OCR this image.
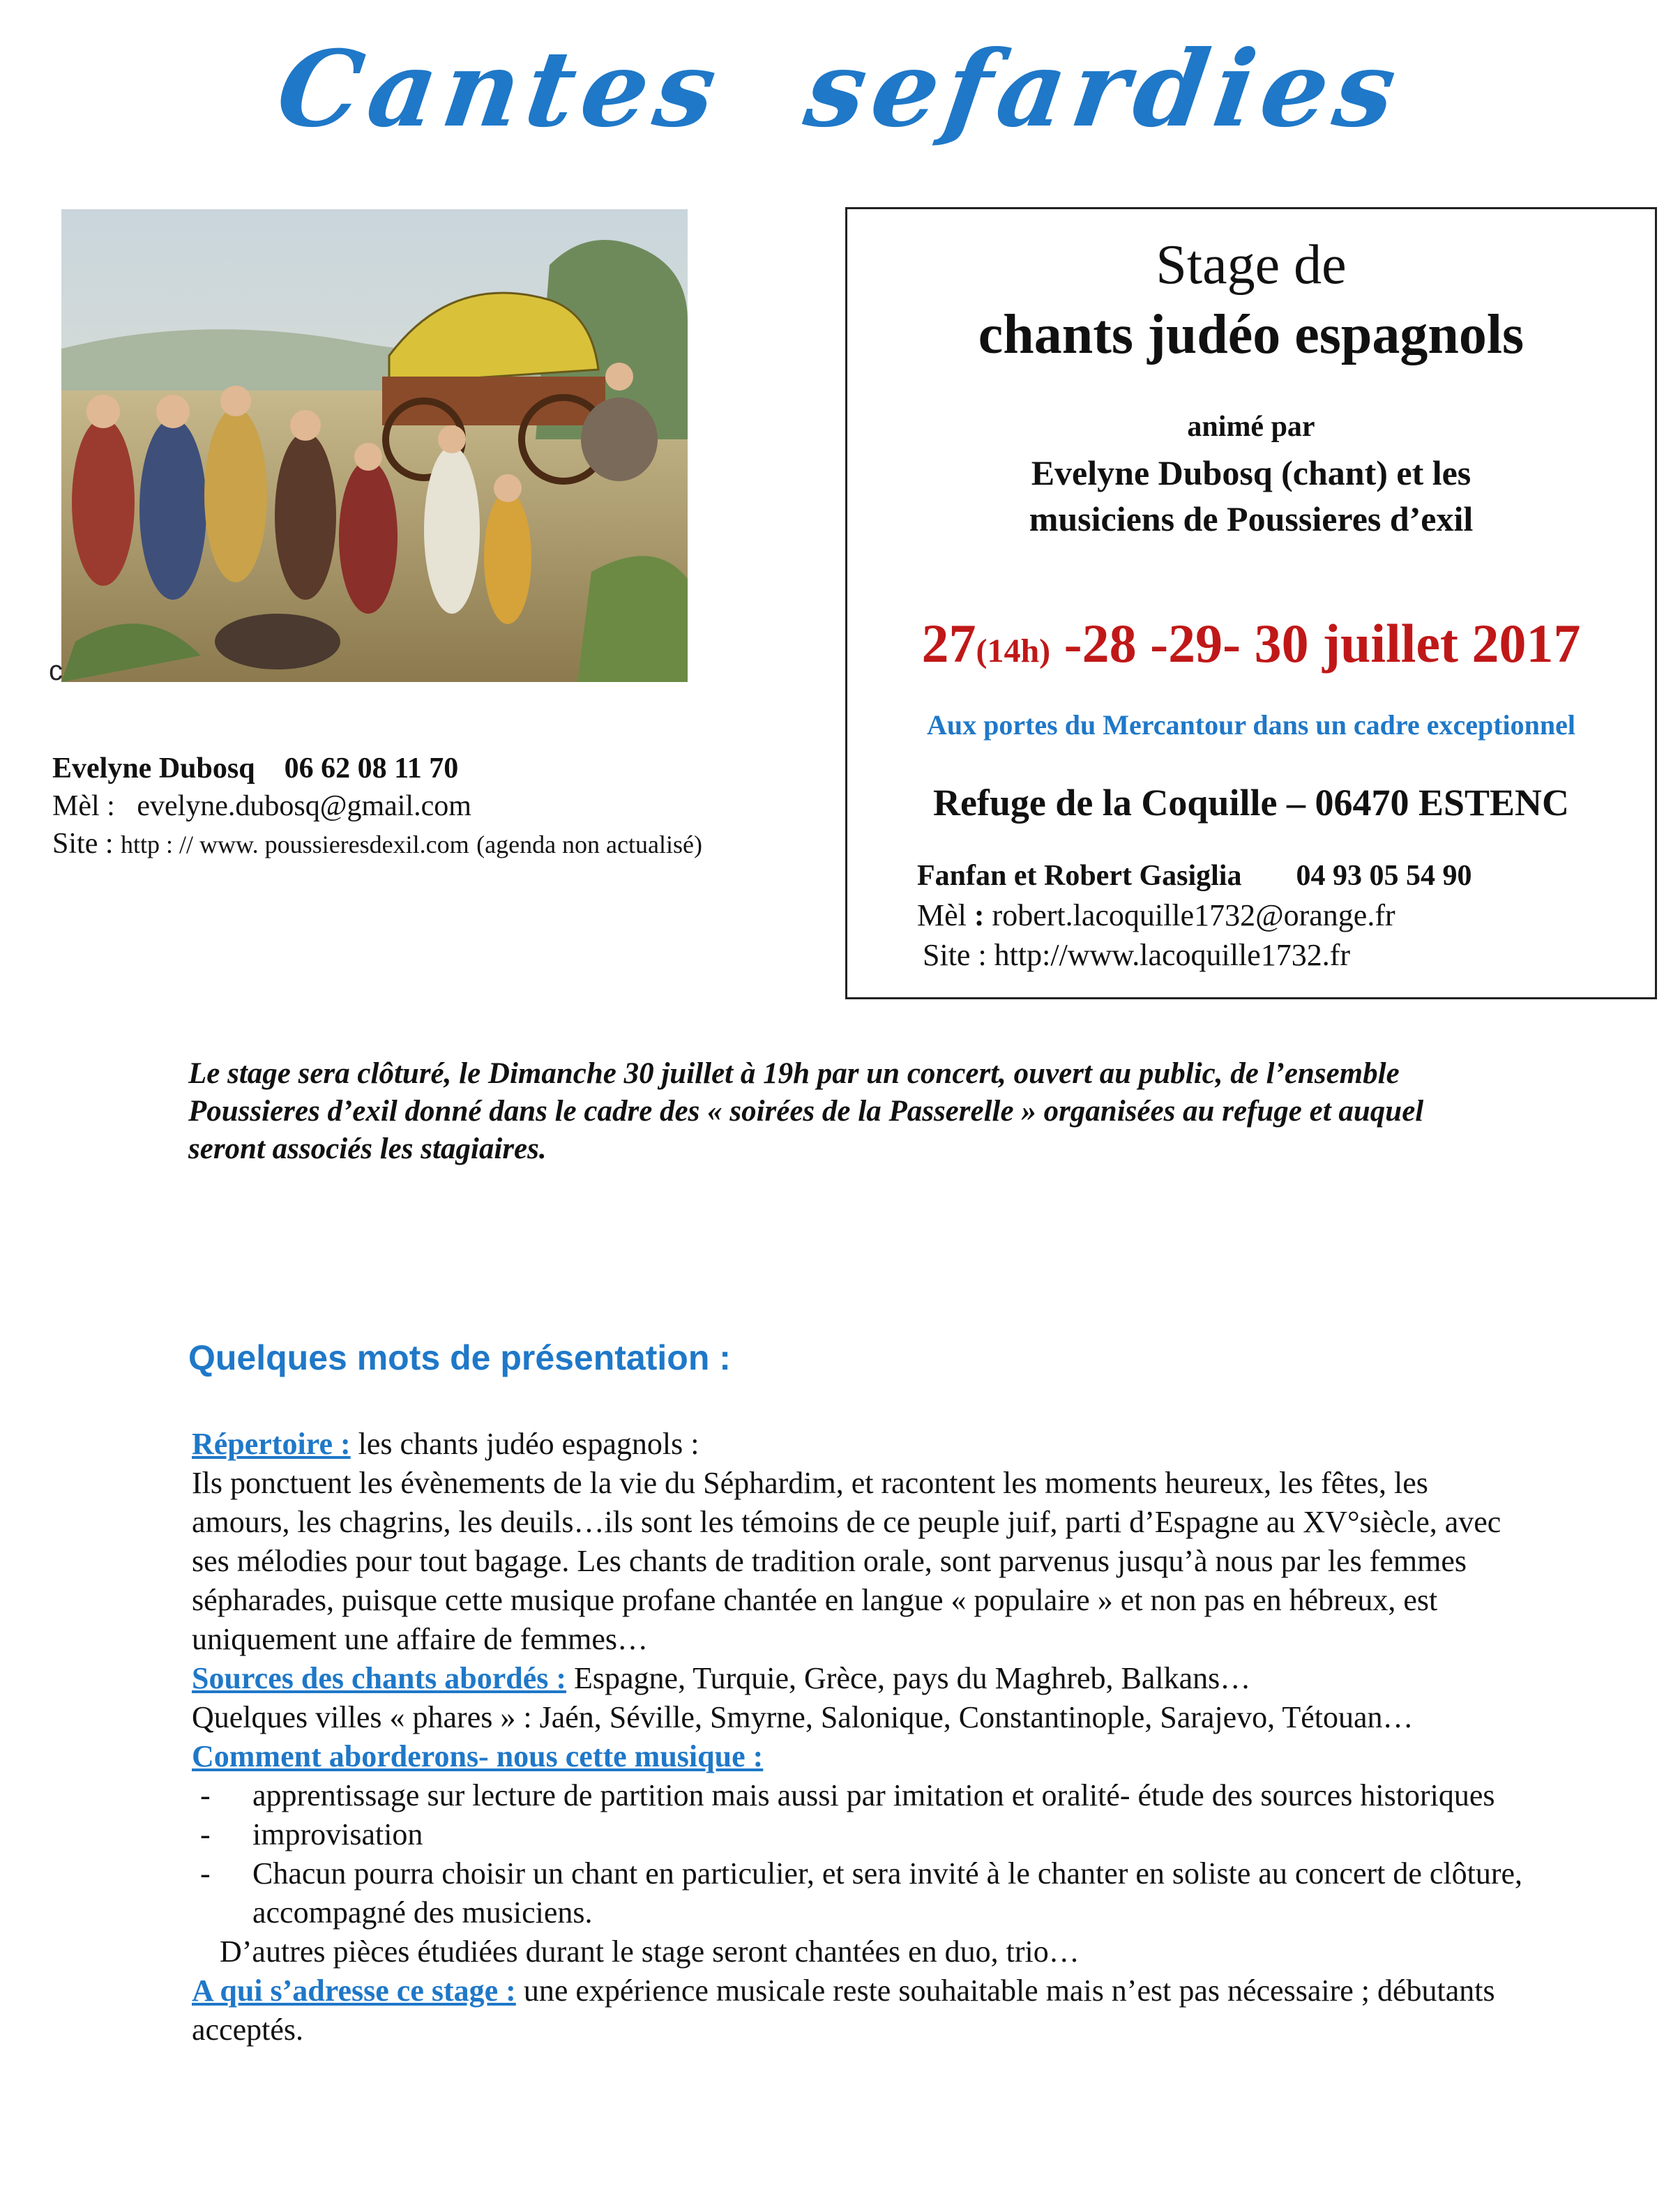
Cantes sefardies
c
Evelyne Dubosq 06 62 08 11 70
Mèl : evelyne.dubosq@gmail.com
Site : http : // www. poussieresdexil.com (agenda non actualisé)
Stage de
chants judéo espagnols
animé par
Evelyne Dubosq (chant) et les
musiciens de Poussieres d’exil
27(14h) -28 -29- 30 juillet 2017
Aux portes du Mercantour dans un cadre exceptionnel
Refuge de la Coquille – 06470 ESTENC
Fanfan et Robert Gasiglia 04 93 05 54 90
Mèl : robert.lacoquille1732@orange.fr
Site : http://www.lacoquille1732.fr
Le stage sera clôturé, le Dimanche 30 juillet à 19h par un concert, ouvert au public, de l’ensemble Poussieres d’exil donné dans le cadre des « soirées de la Passerelle » organisées au refuge et auquel seront associés les stagiaires.
Quelques mots de présentation :

Répertoire : les chants judéo espagnols :

Ils ponctuent les évènements de la vie du Séphardim, et racontent les moments heureux, les fêtes, les amours, les chagrins, les deuils…ils sont les témoins de ce peuple juif, parti d’Espagne au XV°siècle, avec ses mélodies pour tout bagage. Les chants de tradition orale, sont parvenus jusqu’à nous par les femmes sépharades, puisque cette musique profane chantée en langue « populaire » et non pas en hébreux, est uniquement une affaire de femmes…

Sources des chants abordés : Espagne, Turquie, Grèce, pays du Maghreb, Balkans…

Quelques villes « phares » : Jaén, Séville, Smyrne, Salonique, Constantinople, Sarajevo, Tétouan…

Comment aborderons- nous cette musique :

- apprentissage sur lecture de partition mais aussi par imitation et oralité- étude des sources historiques

- improvisation

- Chacun pourra choisir un chant en particulier, et sera invité à le chanter en soliste au concert de clôture, accompagné des musiciens.

D’autres pièces étudiées durant le stage seront chantées en duo, trio…

A qui s’adresse ce stage : une expérience musicale reste souhaitable mais n’est pas nécessaire ; débutants acceptés.
